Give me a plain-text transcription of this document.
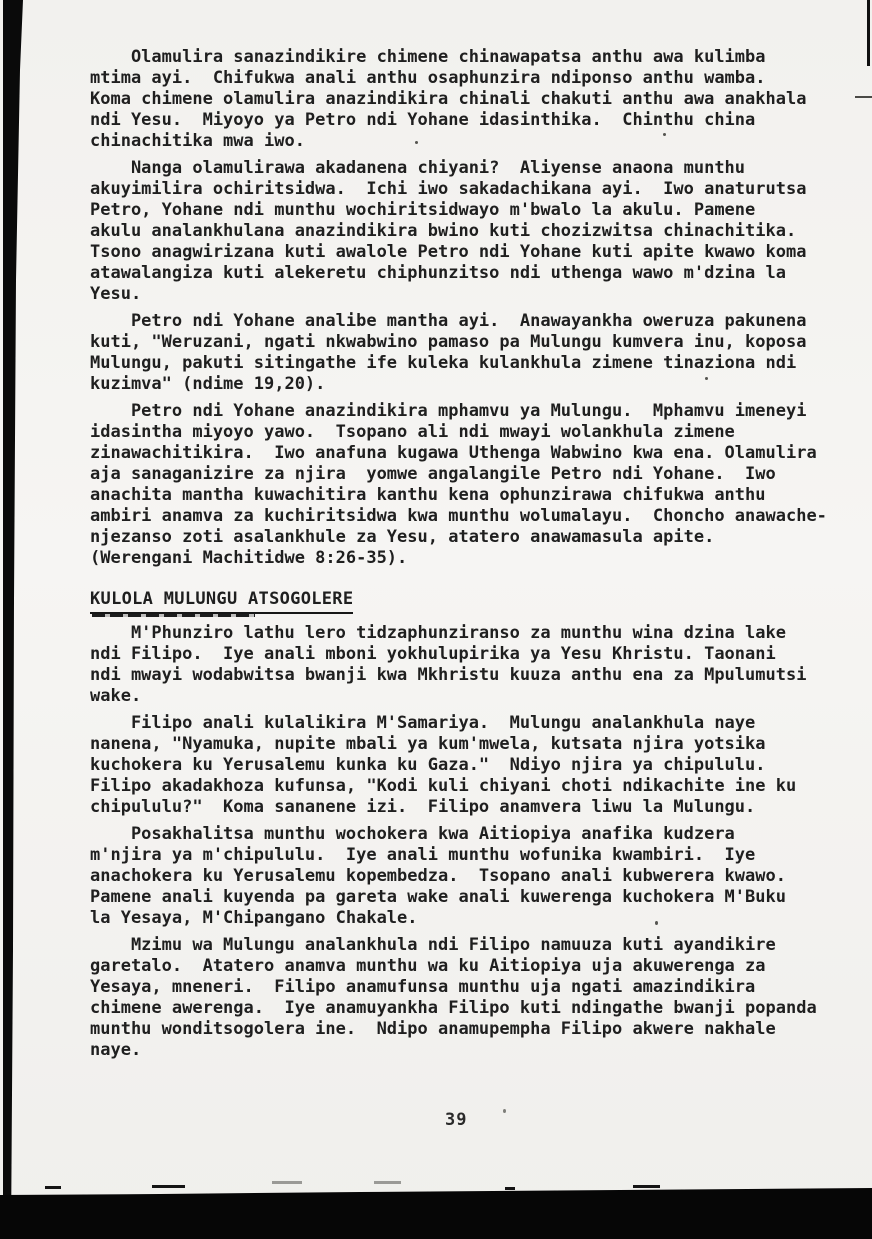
Olamulira sanazindikire chimene chinawapatsa anthu awa kulimba
mtima ayi.  Chifukwa anali anthu osaphunzira ndiponso anthu wamba.
Koma chimene olamulira anazindikira chinali chakuti anthu awa anakhala
ndi Yesu.  Miyoyo ya Petro ndi Yohane idasinthika.  Chinthu china
chinachitika mwa iwo.
Nanga olamulirawa akadanena chiyani?  Aliyense anaona munthu
akuyimilira ochiritsidwa.  Ichi iwo sakadachikana ayi.  Iwo anaturutsa
Petro, Yohane ndi munthu wochiritsidwayo m'bwalo la akulu. Pamene
akulu analankhulana anazindikira bwino kuti chozizwitsa chinachitika.
Tsono anagwirizana kuti awalole Petro ndi Yohane kuti apite kwawo koma
atawalangiza kuti alekeretu chiphunzitso ndi uthenga wawo m'dzina la
Yesu.
Petro ndi Yohane analibe mantha ayi.  Anawayankha oweruza pakunena
kuti, "Weruzani, ngati nkwabwino pamaso pa Mulungu kumvera inu, koposa
Mulungu, pakuti sitingathe ife kuleka kulankhula zimene tinaziona ndi
kuzimva" (ndime 19,20).
Petro ndi Yohane anazindikira mphamvu ya Mulungu.  Mphamvu imeneyi
idasintha miyoyo yawo.  Tsopano ali ndi mwayi wolankhula zimene
zinawachitikira.  Iwo anafuna kugawa Uthenga Wabwino kwa ena. Olamulira
aja sanaganizire za njira  yomwe angalangile Petro ndi Yohane.  Iwo
anachita mantha kuwachitira kanthu kena ophunzirawa chifukwa anthu
ambiri anamva za kuchiritsidwa kwa munthu wolumalayu.  Choncho anawache-
njezanso zoti asalankhule za Yesu, atatero anawamasula apite.
(Werengani Machitidwe 8:26-35).
KULOLA MULUNGU ATSOGOLERE
M'Phunziro lathu lero tidzaphunziranso za munthu wina dzina lake
ndi Filipo.  Iye anali mboni yokhulupirika ya Yesu Khristu. Taonani
ndi mwayi wodabwitsa bwanji kwa Mkhristu kuuza anthu ena za Mpulumutsi
wake.
Filipo anali kulalikira M'Samariya.  Mulungu analankhula naye
nanena, "Nyamuka, nupite mbali ya kum'mwela, kutsata njira yotsika
kuchokera ku Yerusalemu kunka ku Gaza."  Ndiyo njira ya chipululu.
Filipo akadakhoza kufunsa, "Kodi kuli chiyani choti ndikachite ine ku
chipululu?"  Koma sananene izi.  Filipo anamvera liwu la Mulungu.
Posakhalitsa munthu wochokera kwa Aitiopiya anafika kudzera
m'njira ya m'chipululu.  Iye anali munthu wofunika kwambiri.  Iye
anachokera ku Yerusalemu kopembedza.  Tsopano anali kubwerera kwawo.
Pamene anali kuyenda pa gareta wake anali kuwerenga kuchokera M'Buku
la Yesaya, M'Chipangano Chakale.
Mzimu wa Mulungu analankhula ndi Filipo namuuza kuti ayandikire
garetalo.  Atatero anamva munthu wa ku Aitiopiya uja akuwerenga za
Yesaya, mneneri.  Filipo anamufunsa munthu uja ngati amazindikira
chimene awerenga.  Iye anamuyankha Filipo kuti ndingathe bwanji popanda
munthu wonditsogolera ine.  Ndipo anamupempha Filipo akwere nakhale
naye.
39
